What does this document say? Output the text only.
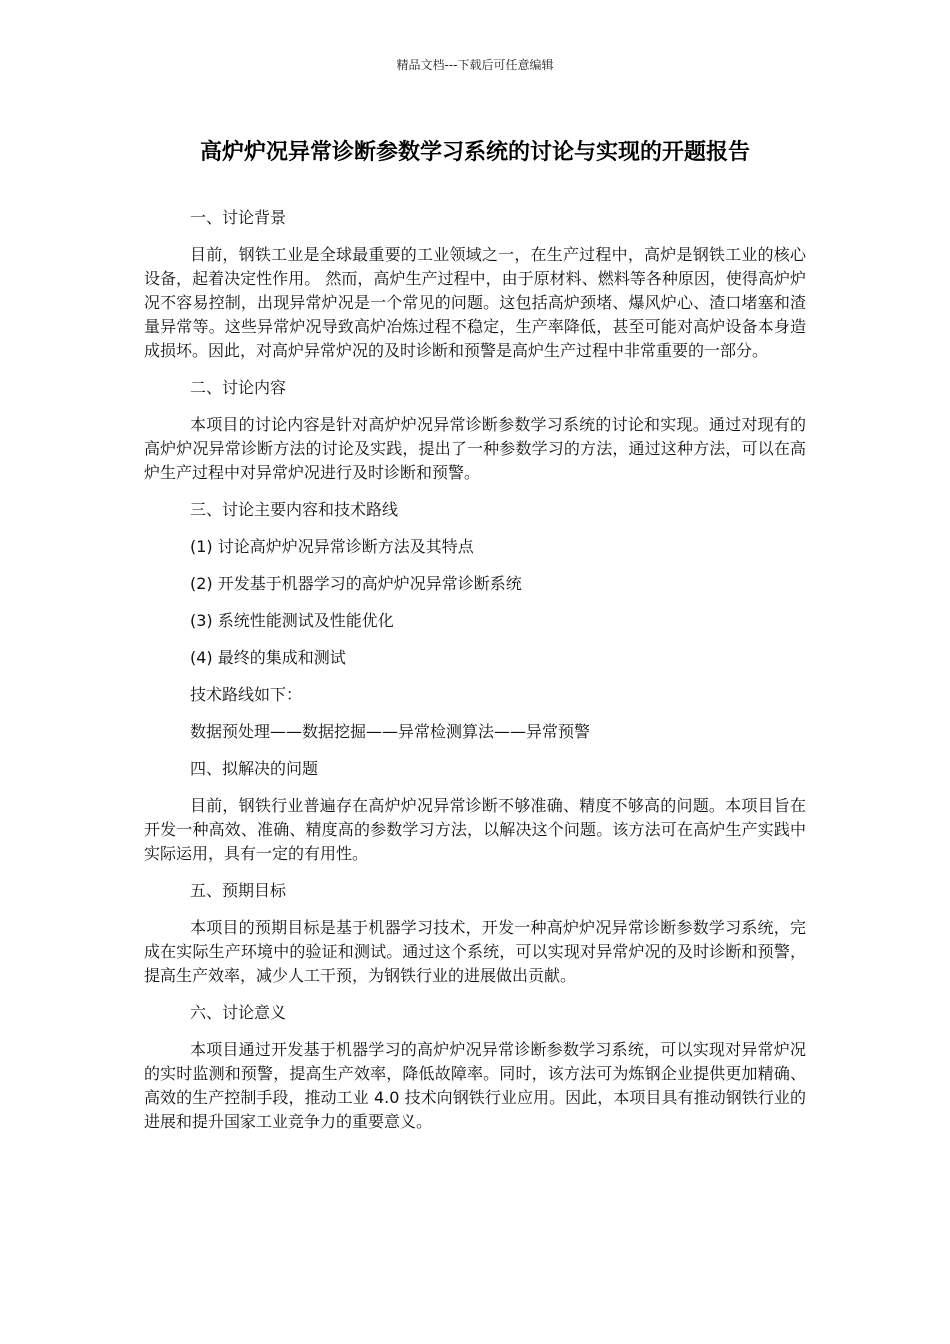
精品文档---下载后可任意编辑
高炉炉况异常诊断参数学习系统的讨论与实现的开题报告
一、讨论背景
目前，钢铁工业是全球最重要的工业领域之一，在生产过程中，高炉是钢铁工业的核心设备，起着决定性作用。 然而，高炉生产过程中，由于原材料、燃料等各种原因，使得高炉炉况不容易控制，出现异常炉况是一个常见的问题。这包括高炉颈堵、爆风炉心、渣口堵塞和渣量异常等。这些异常炉况导致高炉冶炼过程不稳定，生产率降低，甚至可能对高炉设备本身造成损坏。因此，对高炉异常炉况的及时诊断和预警是高炉生产过程中非常重要的一部分。
二、讨论内容
本项目的讨论内容是针对高炉炉况异常诊断参数学习系统的讨论和实现。通过对现有的高炉炉况异常诊断方法的讨论及实践，提出了一种参数学习的方法，通过这种方法，可以在高炉生产过程中对异常炉况进行及时诊断和预警。
三、讨论主要内容和技术路线
(1) 讨论高炉炉况异常诊断方法及其特点
(2) 开发基于机器学习的高炉炉况异常诊断系统
(3) 系统性能测试及性能优化
(4) 最终的集成和测试
技术路线如下：
数据预处理——数据挖掘——异常检测算法——异常预警
四、拟解决的问题
目前，钢铁行业普遍存在高炉炉况异常诊断不够准确、精度不够高的问题。本项目旨在开发一种高效、准确、精度高的参数学习方法，以解决这个问题。该方法可在高炉生产实践中实际运用，具有一定的有用性。
五、预期目标
本项目的预期目标是基于机器学习技术，开发一种高炉炉况异常诊断参数学习系统，完成在实际生产环境中的验证和测试。通过这个系统，可以实现对异常炉况的及时诊断和预警，提高生产效率，减少人工干预，为钢铁行业的进展做出贡献。
六、讨论意义
本项目通过开发基于机器学习的高炉炉况异常诊断参数学习系统，可以实现对异常炉况的实时监测和预警，提高生产效率，降低故障率。同时，该方法可为炼钢企业提供更加精确、高效的生产控制手段，推动工业 4.0 技术向钢铁行业应用。因此，本项目具有推动钢铁行业的进展和提升国家工业竞争力的重要意义。
